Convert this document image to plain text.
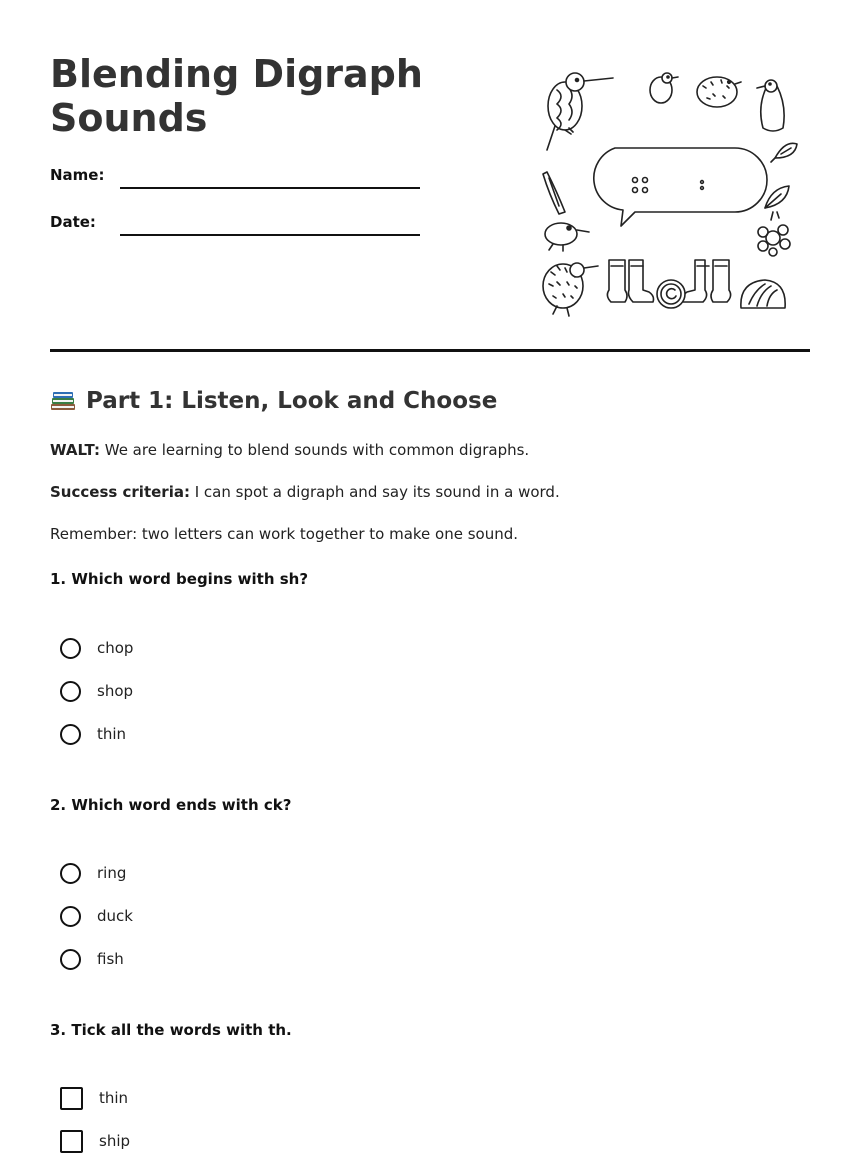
Blending Digraph
Sounds
Name:
Date:
Part 1: Listen, Look and Choose
WALT: We are learning to blend sounds with common digraphs.
Success criteria: I can spot a digraph and say its sound in a word.
Remember: two letters can work together to make one sound.
1. Which word begins with sh?
chop
shop
thin
2. Which word ends with ck?
ring
duck
fish
3. Tick all the words with th.
thin
ship
